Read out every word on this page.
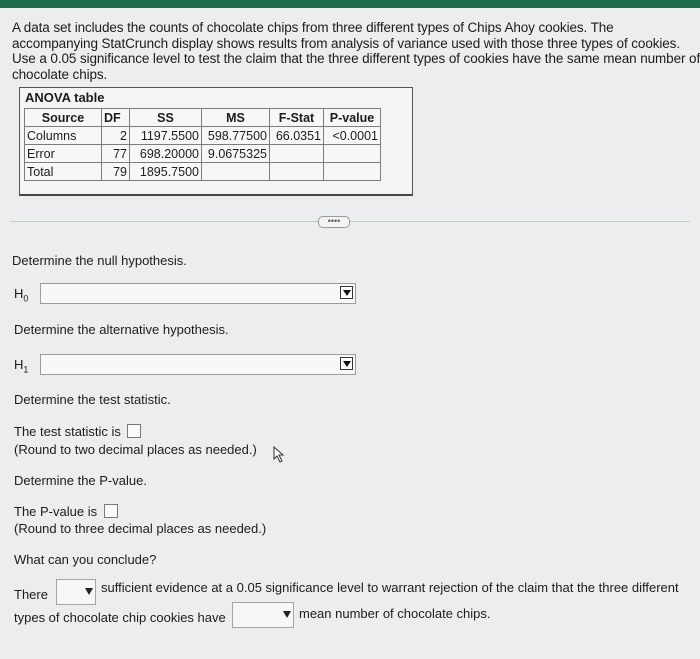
A data set includes the counts of chocolate chips from three different types of Chips Ahoy cookies. The
accompanying StatCrunch display shows results from analysis of variance used with those three types of cookies.
Use a 0.05 significance level to test the claim that the three different types of cookies have the same mean number of
chocolate chips.
ANOVA table
Source	DF	SS	MS	F-Stat	P-value
Columns	2	1197.5500	598.77500	66.0351	<0.0001
Error	77	698.20000	9.0675325		
Total	79	1895.7500			
••••
Determine the null hypothesis.
$H_0$
Determine the alternative hypothesis.
$H_1$
Determine the test statistic.
The test statistic is
(Round to two decimal places as needed.)
Determine the P-value.
The P-value is
(Round to three decimal places as needed.)
What can you conclude?
There	sufficient evidence at a 0.05 significance level to warrant rejection of the claim that the three different
types of chocolate chip cookies have	mean number of chocolate chips.
